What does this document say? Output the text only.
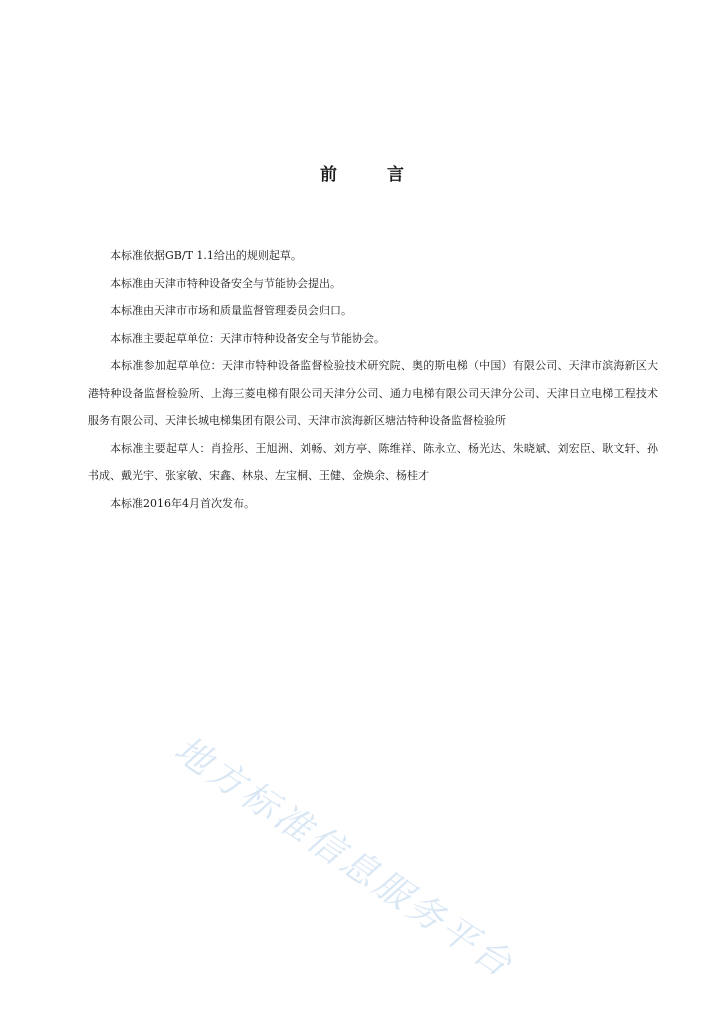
前 言

本标准依据GB/T 1.1给出的规则起草。

本标准由天津市特种设备安全与节能协会提出。

本标准由天津市市场和质量监督管理委员会归口。

本标准主要起草单位：天津市特种设备安全与节能协会。

本标准参加起草单位：天津市特种设备监督检验技术研究院、奥的斯电梯（中国）有限公司、天津市滨海新区大港特种设备监督检验所、上海三菱电梯有限公司天津分公司、通力电梯有限公司天津分公司、天津日立电梯工程技术服务有限公司、天津长城电梯集团有限公司、天津市滨海新区塘沽特种设备监督检验所

本标准主要起草人：肖捡彤、王旭洲、刘畅、刘方亭、陈维祥、陈永立、杨光达、朱晓斌、刘宏臣、耿文轩、孙书成、戴光宇、张家敏、宋鑫、林泉、左宝桐、王健、金焕余、杨桂才

本标准2016年4月首次发布。

地方标准信息服务平台
